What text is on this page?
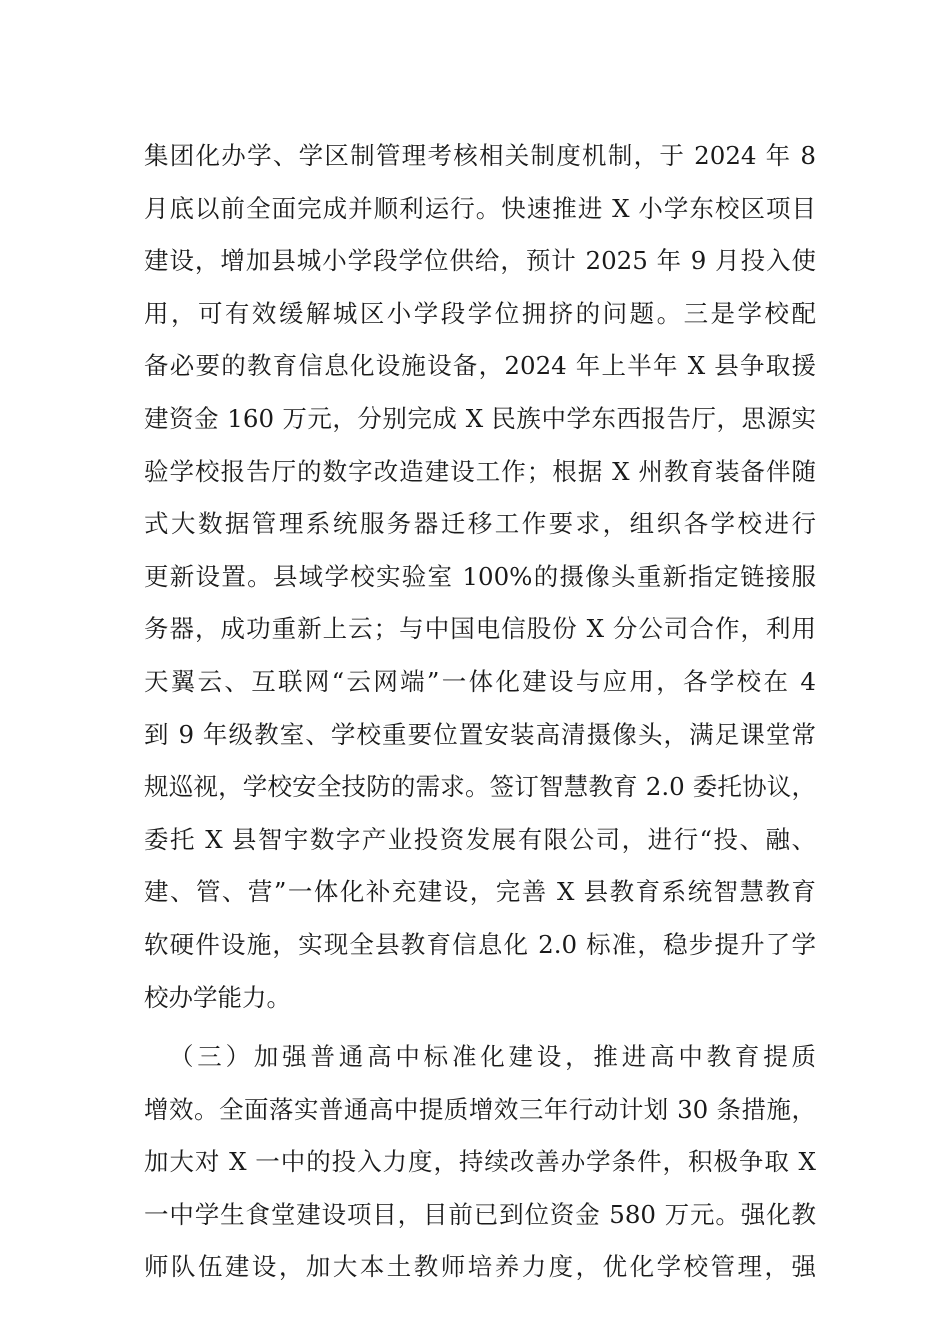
集团化办学、学区制管理考核相关制度机制，于 2024 年 8
月底以前全面完成并顺利运行。快速推进 X 小学东校区项目
建设，增加县城小学段学位供给，预计 2025 年 9 月投入使
用，可有效缓解城区小学段学位拥挤的问题。三是学校配
备必要的教育信息化设施设备，2024 年上半年 X 县争取援
建资金 160 万元，分别完成 X 民族中学东西报告厅，思源实
验学校报告厅的数字改造建设工作；根据 X 州教育装备伴随
式大数据管理系统服务器迁移工作要求，组织各学校进行
更新设置。县域学校实验室 100%的摄像头重新指定链接服
务器，成功重新上云；与中国电信股份 X 分公司合作，利用
天翼云、互联网“云网端”一体化建设与应用，各学校在 4
到 9 年级教室、学校重要位置安装高清摄像头，满足课堂常
规巡视，学校安全技防的需求。签订智慧教育 2.0 委托协议，
委托 X 县智宇数字产业投资发展有限公司，进行“投、融、
建、管、营”一体化补充建设，完善 X 县教育系统智慧教育
软硬件设施，实现全县教育信息化 2.0 标准，稳步提升了学
校办学能力。
（三）加强普通高中标准化建设，推进高中教育提质
增效。全面落实普通高中提质增效三年行动计划 30 条措施，
加大对 X 一中的投入力度，持续改善办学条件，积极争取 X
一中学生食堂建设项目，目前已到位资金 580 万元。强化教
师队伍建设，加大本土教师培养力度，优化学校管理，强
